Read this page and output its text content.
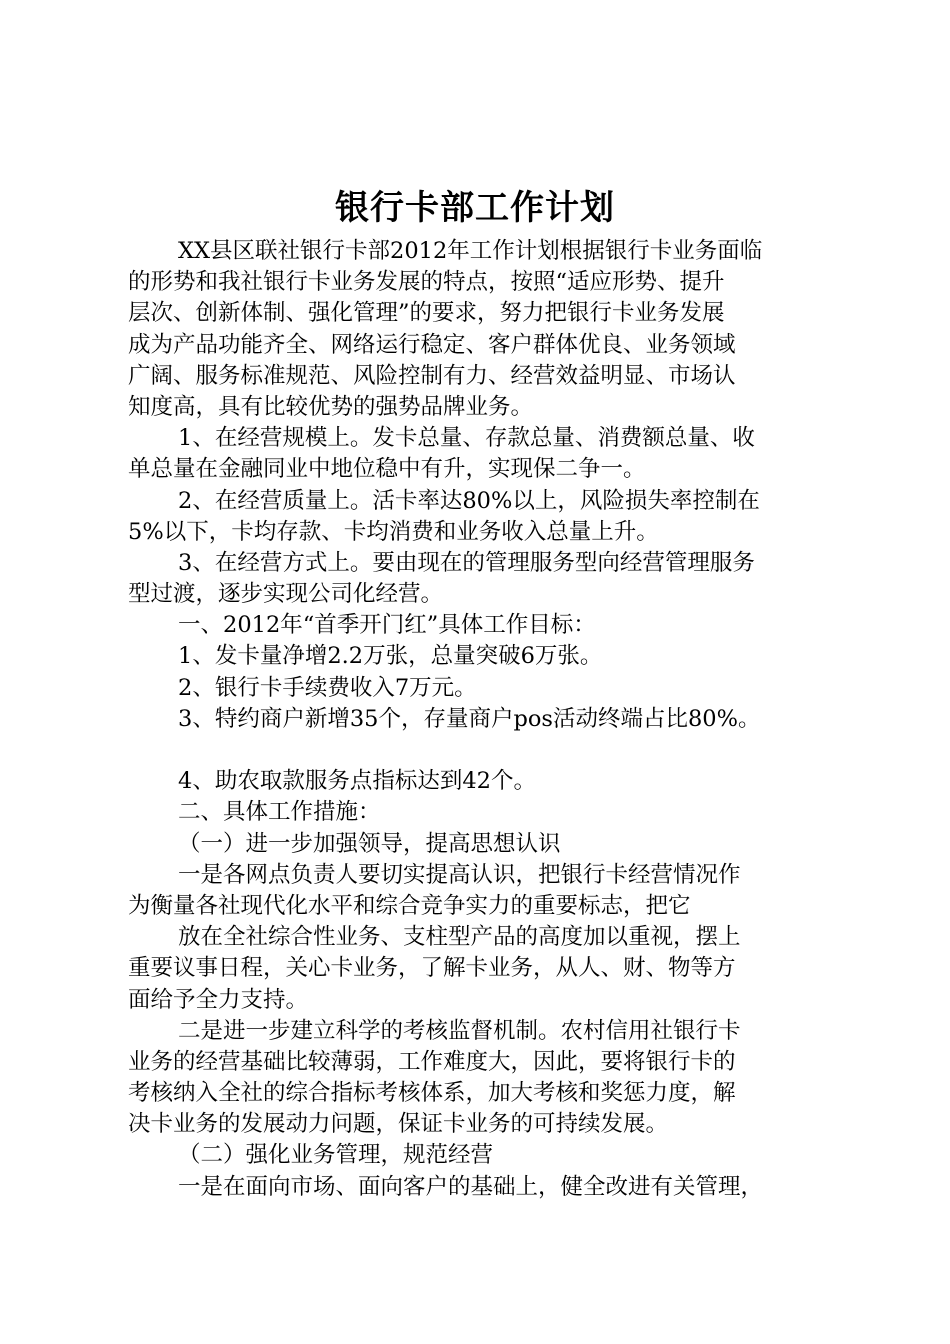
银行卡部工作计划
XX县区联社银行卡部2012年工作计划根据银行卡业务面临
的形势和我社银行卡业务发展的特点，按照“适应形势、提升
层次、创新体制、强化管理”的要求，努力把银行卡业务发展
成为产品功能齐全、网络运行稳定、客户群体优良、业务领域
广阔、服务标准规范、风险控制有力、经营效益明显、市场认
知度高，具有比较优势的强势品牌业务。
1、在经营规模上。发卡总量、存款总量、消费额总量、收
单总量在金融同业中地位稳中有升，实现保二争一。
2、在经营质量上。活卡率达80%以上，风险损失率控制在
5%以下，卡均存款、卡均消费和业务收入总量上升。
3、在经营方式上。要由现在的管理服务型向经营管理服务
型过渡，逐步实现公司化经营。
一、2012年“首季开门红”具体工作目标：
1、发卡量净增2.2万张，总量突破6万张。
2、银行卡手续费收入7万元。
3、特约商户新增35个，存量商户pos活动终端占比80%。
4、助农取款服务点指标达到42个。
二、具体工作措施：
（一）进一步加强领导，提高思想认识
一是各网点负责人要切实提高认识，把银行卡经营情况作
为衡量各社现代化水平和综合竞争实力的重要标志，把它
放在全社综合性业务、支柱型产品的高度加以重视，摆上
重要议事日程，关心卡业务，了解卡业务，从人、财、物等方
面给予全力支持。
二是进一步建立科学的考核监督机制。农村信用社银行卡
业务的经营基础比较薄弱，工作难度大，因此，要将银行卡的
考核纳入全社的综合指标考核体系，加大考核和奖惩力度，解
决卡业务的发展动力问题，保证卡业务的可持续发展。
（二）强化业务管理，规范经营
一是在面向市场、面向客户的基础上，健全改进有关管理，
